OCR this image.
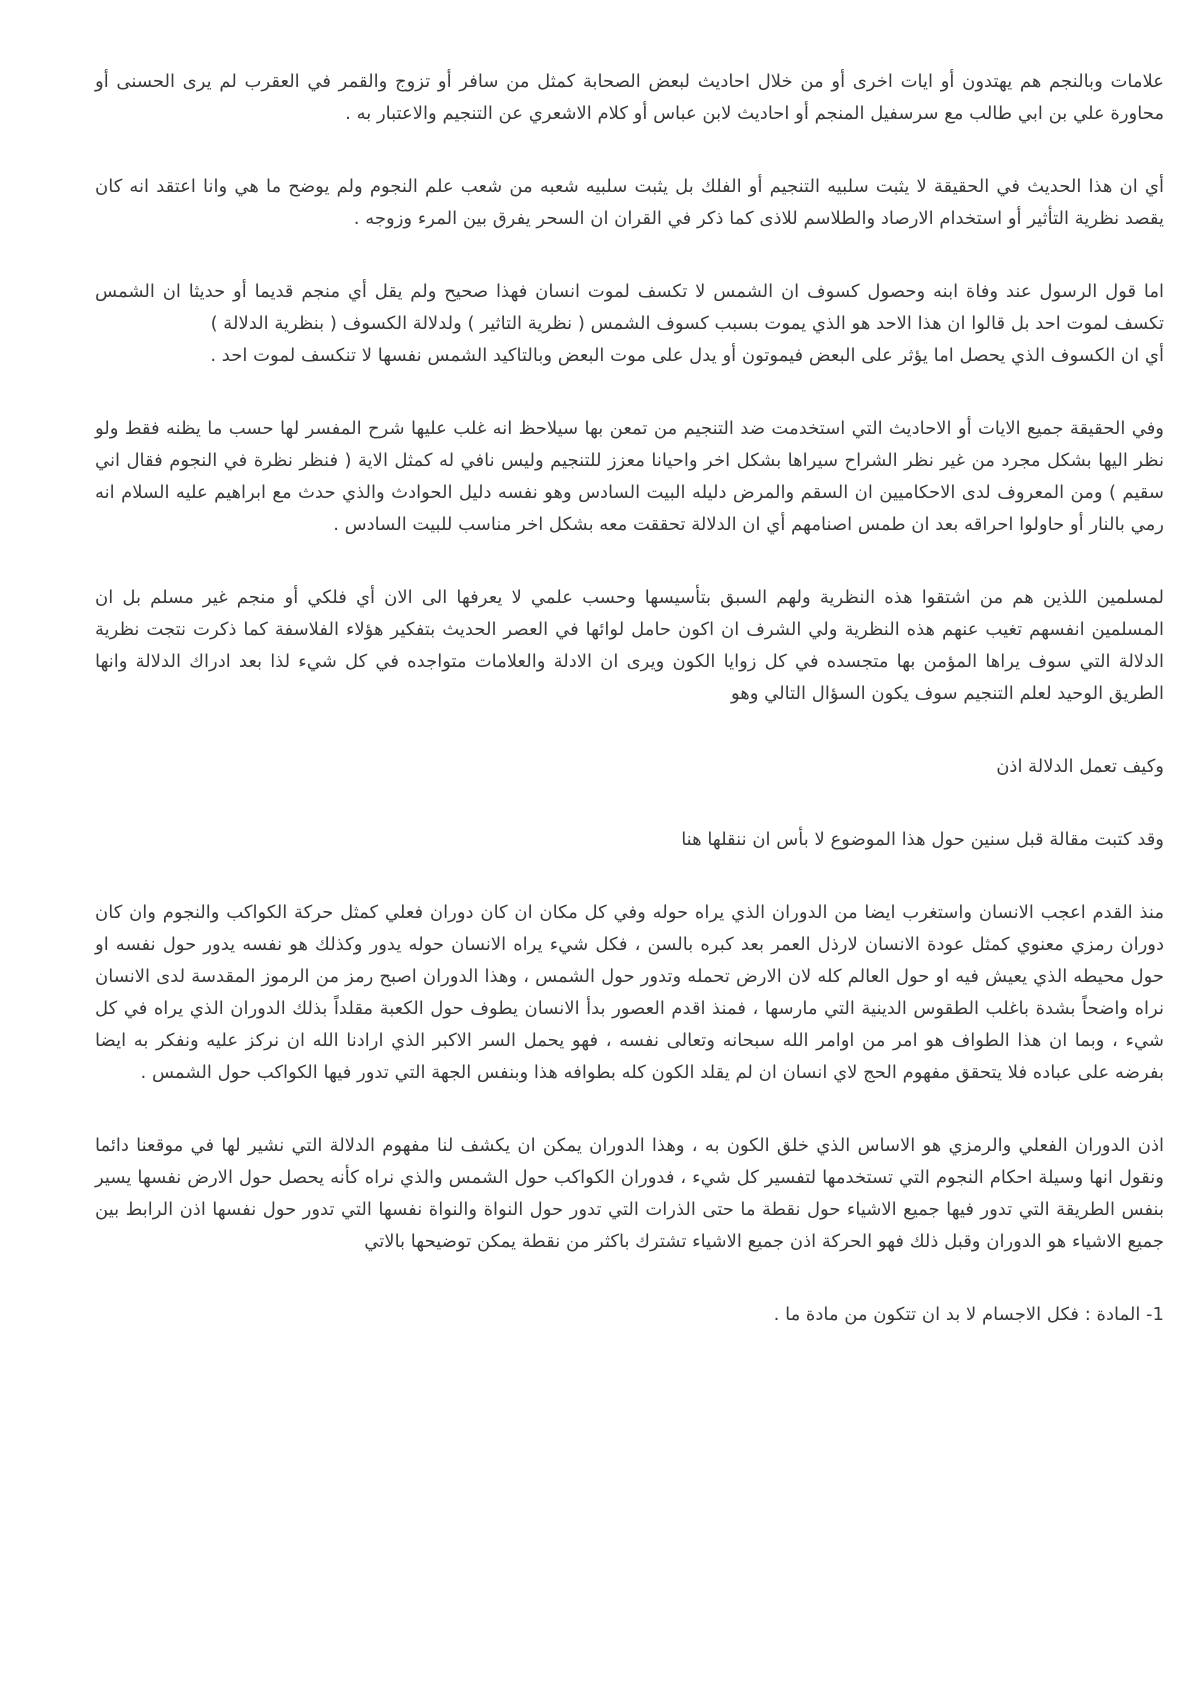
علامات وبالنجم هم يهتدون أو ايات اخرى أو من خلال احاديث لبعض الصحابة كمثل من سافر أو تزوج والقمر في العقرب لم يرى الحسنى أو محاورة علي بن ابي طالب مع سرسفيل المنجم أو احاديث لابن عباس أو كلام الاشعري عن التنجيم والاعتبار به .

أي ان هذا الحديث في الحقيقة لا يثبت سلبيه التنجيم أو الفلك بل يثبت سلبيه شعبه من شعب علم النجوم ولم يوضح ما هي وانا اعتقد انه كان يقصد نظرية التأثير أو استخدام الارصاد والطلاسم للاذى كما ذكر في القران ان السحر يفرق بين المرء وزوجه .

اما قول الرسول عند وفاة ابنه وحصول كسوف ان الشمس لا تكسف لموت انسان فهذا صحيح ولم يقل أي منجم قديما أو حديثا ان الشمس تكسف لموت احد بل قالوا ان هذا الاحد هو الذي يموت بسبب كسوف الشمس ( نظرية التاثير ) ولدلالة الكسوف ( بنظرية الدلالة )
أي ان الكسوف الذي يحصل اما يؤثر على البعض فيموتون أو يدل على موت البعض وبالتاكيد الشمس نفسها لا تنكسف لموت احد .

وفي الحقيقة جميع الايات أو الاحاديث التي استخدمت ضد التنجيم من تمعن بها سيلاحظ انه غلب عليها شرح المفسر لها حسب ما يظنه فقط ولو نظر اليها بشكل مجرد من غير نظر الشراح سيراها بشكل اخر واحيانا معزز للتنجيم وليس نافي له كمثل الاية ( فنظر نظرة في النجوم فقال اني سقيم ) ومن المعروف لدى الاحكاميين ان السقم والمرض دليله البيت السادس وهو نفسه دليل الحوادث والذي حدث مع ابراهيم عليه السلام انه رمي بالنار أو حاولوا احراقه بعد ان طمس اصنامهم أي ان الدلالة تحققت معه بشكل اخر مناسب للبيت السادس .

لمسلمين اللذين هم من اشتقوا هذه النظرية ولهم السبق بتأسيسها وحسب علمي لا يعرفها الى الان أي فلكي أو منجم غير مسلم بل ان المسلمين انفسهم تغيب عنهم هذه النظرية ولي الشرف ان اكون حامل لوائها في العصر الحديث بتفكير هؤلاء الفلاسفة كما ذكرت نتجت نظرية الدلالة التي سوف يراها المؤمن بها متجسده في كل زوايا الكون ويرى ان الادلة والعلامات متواجده في كل شيء لذا بعد ادراك الدلالة وانها الطريق الوحيد لعلم التنجيم سوف يكون السؤال التالي وهو

وكيف تعمل الدلالة اذن

وقد كتبت مقالة قبل سنين حول هذا الموضوع لا بأس ان ننقلها هنا

منذ القدم اعجب الانسان واستغرب ايضا من الدوران الذي يراه حوله وفي كل مكان ان كان دوران فعلي كمثل حركة الكواكب والنجوم وان كان دوران رمزي معنوي كمثل عودة الانسان لارذل العمر بعد كبره بالسن ، فكل شيء يراه الانسان حوله يدور وكذلك هو نفسه يدور حول نفسه او حول محيطه الذي يعيش فيه او حول العالم كله لان الارض تحمله وتدور حول الشمس ، وهذا الدوران اصبح رمز من الرموز المقدسة لدى الانسان نراه واضحاً بشدة باغلب الطقوس الدينية التي مارسها ، فمنذ اقدم العصور بدأ الانسان يطوف حول الكعبة مقلداً بذلك الدوران الذي يراه في كل شيء ، وبما ان هذا الطواف هو امر من اوامر الله سبحانه وتعالى نفسه ، فهو يحمل السر الاكبر الذي ارادنا الله ان نركز عليه ونفكر به ايضا بفرضه على عباده فلا يتحقق مفهوم الحج لاي انسان ان لم يقلد الكون كله بطوافه هذا وبنفس الجهة التي تدور فيها الكواكب حول الشمس .

اذن الدوران الفعلي والرمزي هو الاساس الذي خلق الكون به ، وهذا الدوران يمكن ان يكشف لنا مفهوم الدلالة التي نشير لها في موقعنا دائما ونقول انها وسيلة احكام النجوم التي تستخدمها لتفسير كل شيء ، فدوران الكواكب حول الشمس والذي نراه كأنه يحصل حول الارض نفسها يسير بنفس الطريقة التي تدور فيها جميع الاشياء حول نقطة ما حتى الذرات التي تدور حول النواة والنواة نفسها التي تدور حول نفسها اذن الرابط بين جميع الاشياء هو الدوران وقبل ذلك فهو الحركة اذن جميع الاشياء تشترك باكثر من نقطة يمكن توضيحها بالاتي

1- المادة : فكل الاجسام لا بد ان تتكون من مادة ما .
